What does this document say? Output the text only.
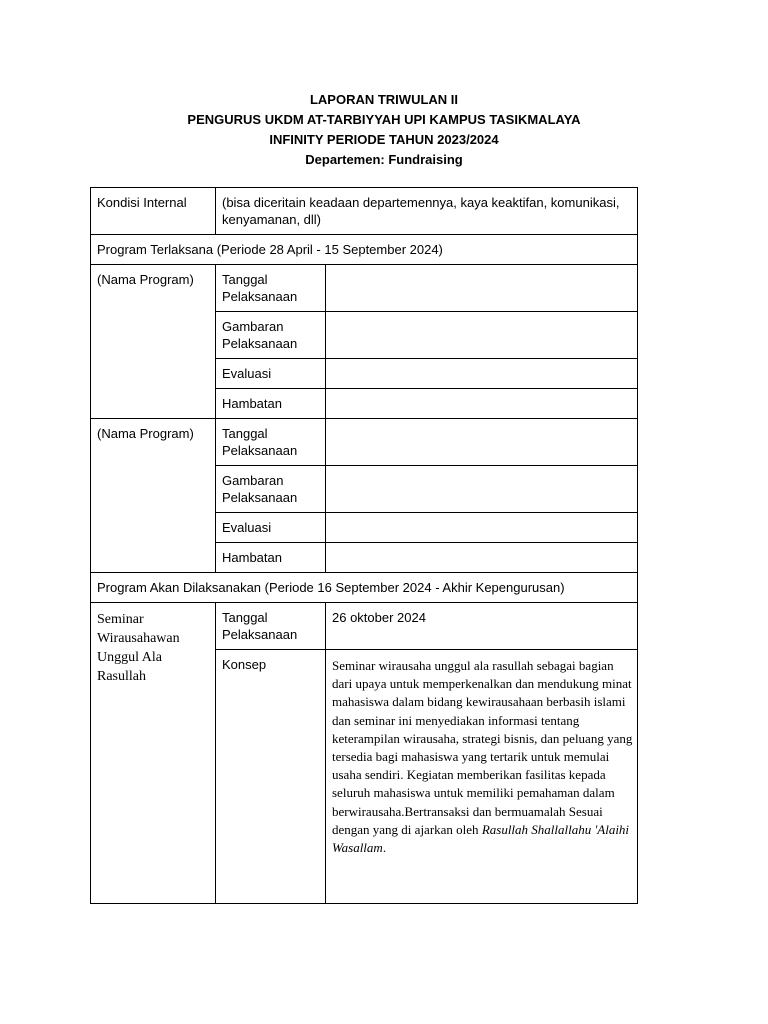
LAPORAN TRIWULAN II
PENGURUS UKDM AT-TARBIYYAH UPI KAMPUS TASIKMALAYA
INFINITY PERIODE TAHUN 2023/2024
Departemen: Fundraising
Kondisi Internal	(bisa diceritain keadaan departemennya, kaya keaktifan, komunikasi, kenyamanan, dll)	
Program Terlaksana (Periode 28 April - 15 September 2024)		
(Nama Program)	Tanggal Pelaksanaan	
	Gambaran Pelaksanaan	
	Evaluasi	
	Hambatan	
(Nama Program)	Tanggal Pelaksanaan	
	Gambaran Pelaksanaan	
	Evaluasi	
	Hambatan	
Program Akan Dilaksanakan (Periode 16 September 2024 - Akhir Kepengurusan)		
Seminar Wirausahawan Unggul Ala Rasullah	Tanggal Pelaksanaan	26 oktober 2024
	Konsep	Seminar wirausaha unggul ala rasullah sebagai bagian dari upaya untuk memperkenalkan dan mendukung minat mahasiswa dalam bidang kewirausahaan berbasih islami dan seminar ini menyediakan informasi tentang keterampilan wirausaha, strategi bisnis, dan peluang yang tersedia bagi mahasiswa yang tertarik untuk memulai usaha sendiri. Kegiatan memberikan fasilitas kepada seluruh mahasiswa untuk memiliki pemahaman dalam berwirausaha.Bertransaksi dan bermuamalah Sesuai dengan yang di ajarkan oleh Rasullah Shallallahu 'Alaihi Wasallam.
